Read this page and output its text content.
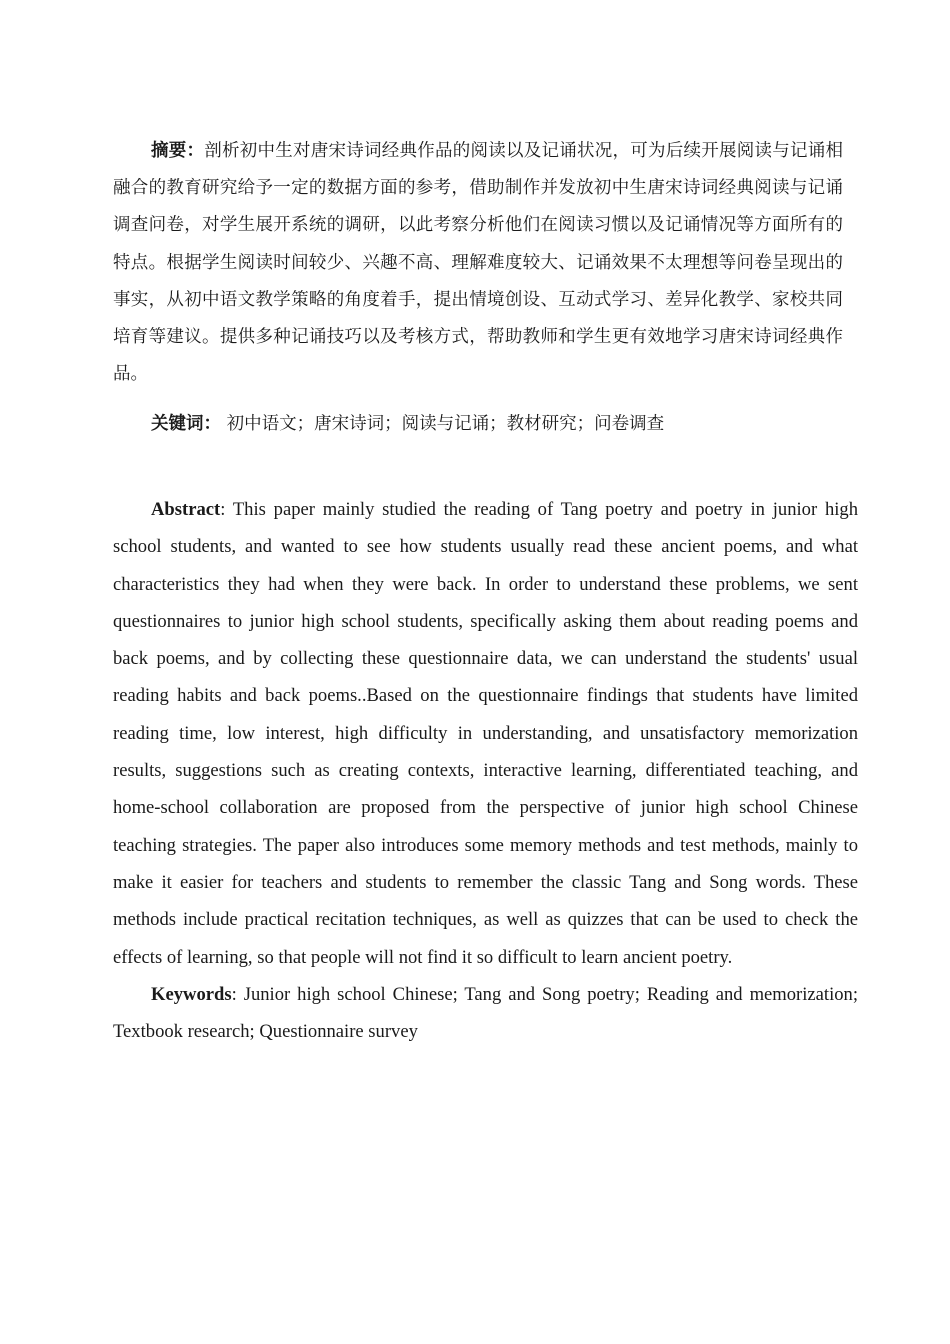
摘要：剖析初中生对唐宋诗词经典作品的阅读以及记诵状况，可为后续开展阅读与记诵相融合的教育研究给予一定的数据方面的参考，借助制作并发放初中生唐宋诗词经典阅读与记诵调查问卷，对学生展开系统的调研，以此考察分析他们在阅读习惯以及记诵情况等方面所有的特点。根据学生阅读时间较少、兴趣不高、理解难度较大、记诵效果不太理想等问卷呈现出的事实，从初中语文教学策略的角度着手，提出情境创设、互动式学习、差异化教学、家校共同培育等建议。提供多种记诵技巧以及考核方式，帮助教师和学生更有效地学习唐宋诗词经典作品。

关键词： 初中语文；唐宋诗词；阅读与记诵；教材研究；问卷调查

Abstract: This paper mainly studied the reading of Tang poetry and poetry in junior high school students, and wanted to see how students usually read these ancient poems, and what characteristics they had when they were back. In order to understand these problems, we sent questionnaires to junior high school students, specifically asking them about reading poems and back poems, and by collecting these questionnaire data, we can understand the students' usual reading habits and back poems..Based on the questionnaire findings that students have limited reading time, low interest, high difficulty in understanding, and unsatisfactory memorization results, suggestions such as creating contexts, interactive learning, differentiated teaching, and home-school collaboration are proposed from the perspective of junior high school Chinese teaching strategies. The paper also introduces some memory methods and test methods, mainly to make it easier for teachers and students to remember the classic Tang and Song words. These methods include practical recitation techniques, as well as quizzes that can be used to check the effects of learning, so that people will not find it so difficult to learn ancient poetry.

Keywords: Junior high school Chinese; Tang and Song poetry; Reading and memorization; Textbook research; Questionnaire survey
